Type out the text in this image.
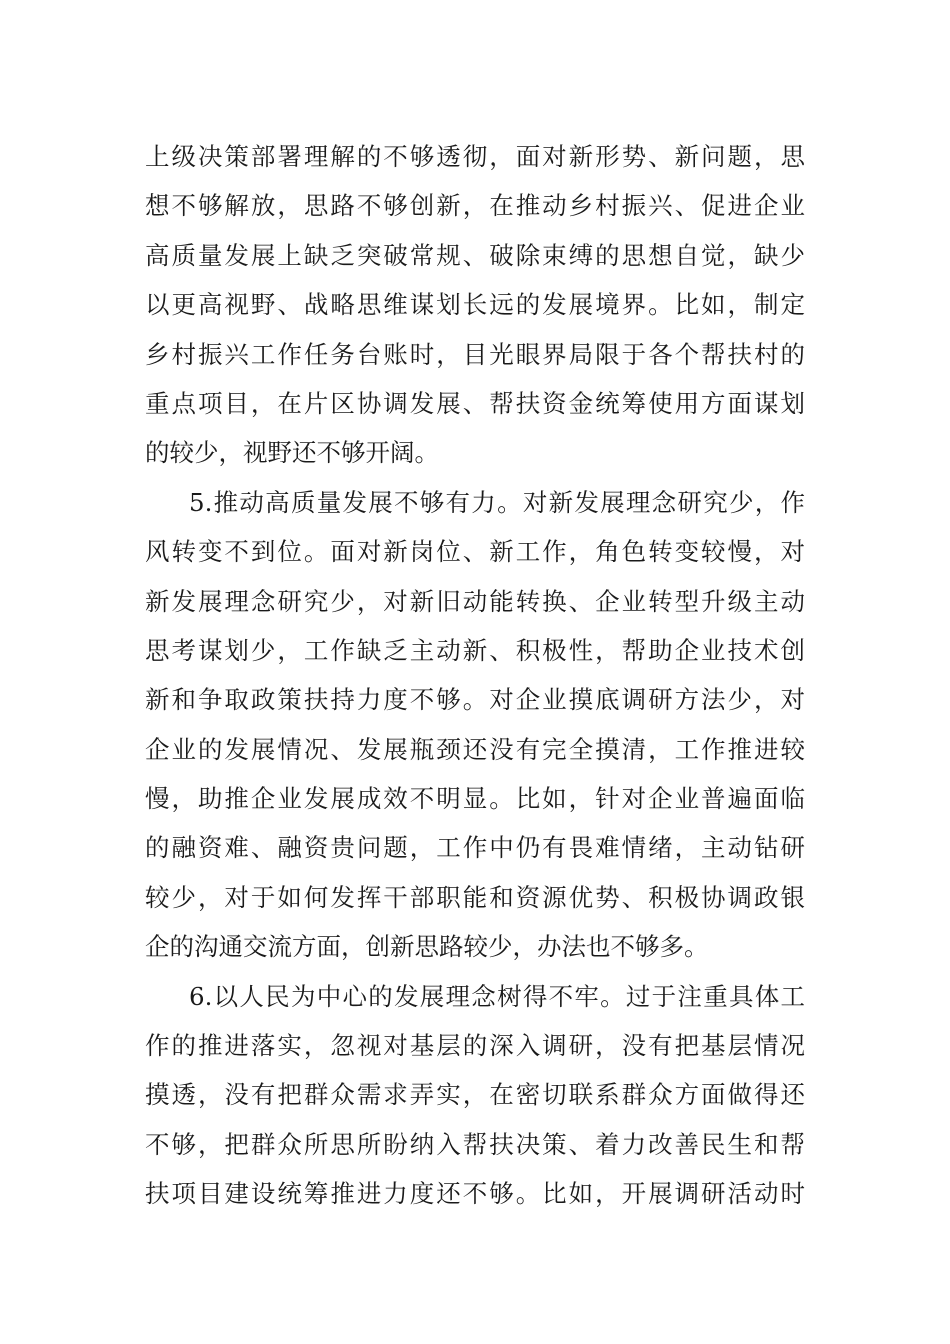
上级决策部署理解的不够透彻，面对新形势、新问题，思
想不够解放，思路不够创新，在推动乡村振兴、促进企业
高质量发展上缺乏突破常规、破除束缚的思想自觉，缺少
以更高视野、战略思维谋划长远的发展境界。比如，制定
乡村振兴工作任务台账时，目光眼界局限于各个帮扶村的
重点项目，在片区协调发展、帮扶资金统筹使用方面谋划
的较少，视野还不够开阔。
5.推动高质量发展不够有力。对新发展理念研究少，作
风转变不到位。面对新岗位、新工作，角色转变较慢，对
新发展理念研究少，对新旧动能转换、企业转型升级主动
思考谋划少，工作缺乏主动新、积极性，帮助企业技术创
新和争取政策扶持力度不够。对企业摸底调研方法少，对
企业的发展情况、发展瓶颈还没有完全摸清，工作推进较
慢，助推企业发展成效不明显。比如，针对企业普遍面临
的融资难、融资贵问题，工作中仍有畏难情绪，主动钻研
较少，对于如何发挥干部职能和资源优势、积极协调政银
企的沟通交流方面，创新思路较少，办法也不够多。
6.以人民为中心的发展理念树得不牢。过于注重具体工
作的推进落实，忽视对基层的深入调研，没有把基层情况
摸透，没有把群众需求弄实，在密切联系群众方面做得还
不够，把群众所思所盼纳入帮扶决策、着力改善民生和帮
扶项目建设统筹推进力度还不够。比如，开展调研活动时
